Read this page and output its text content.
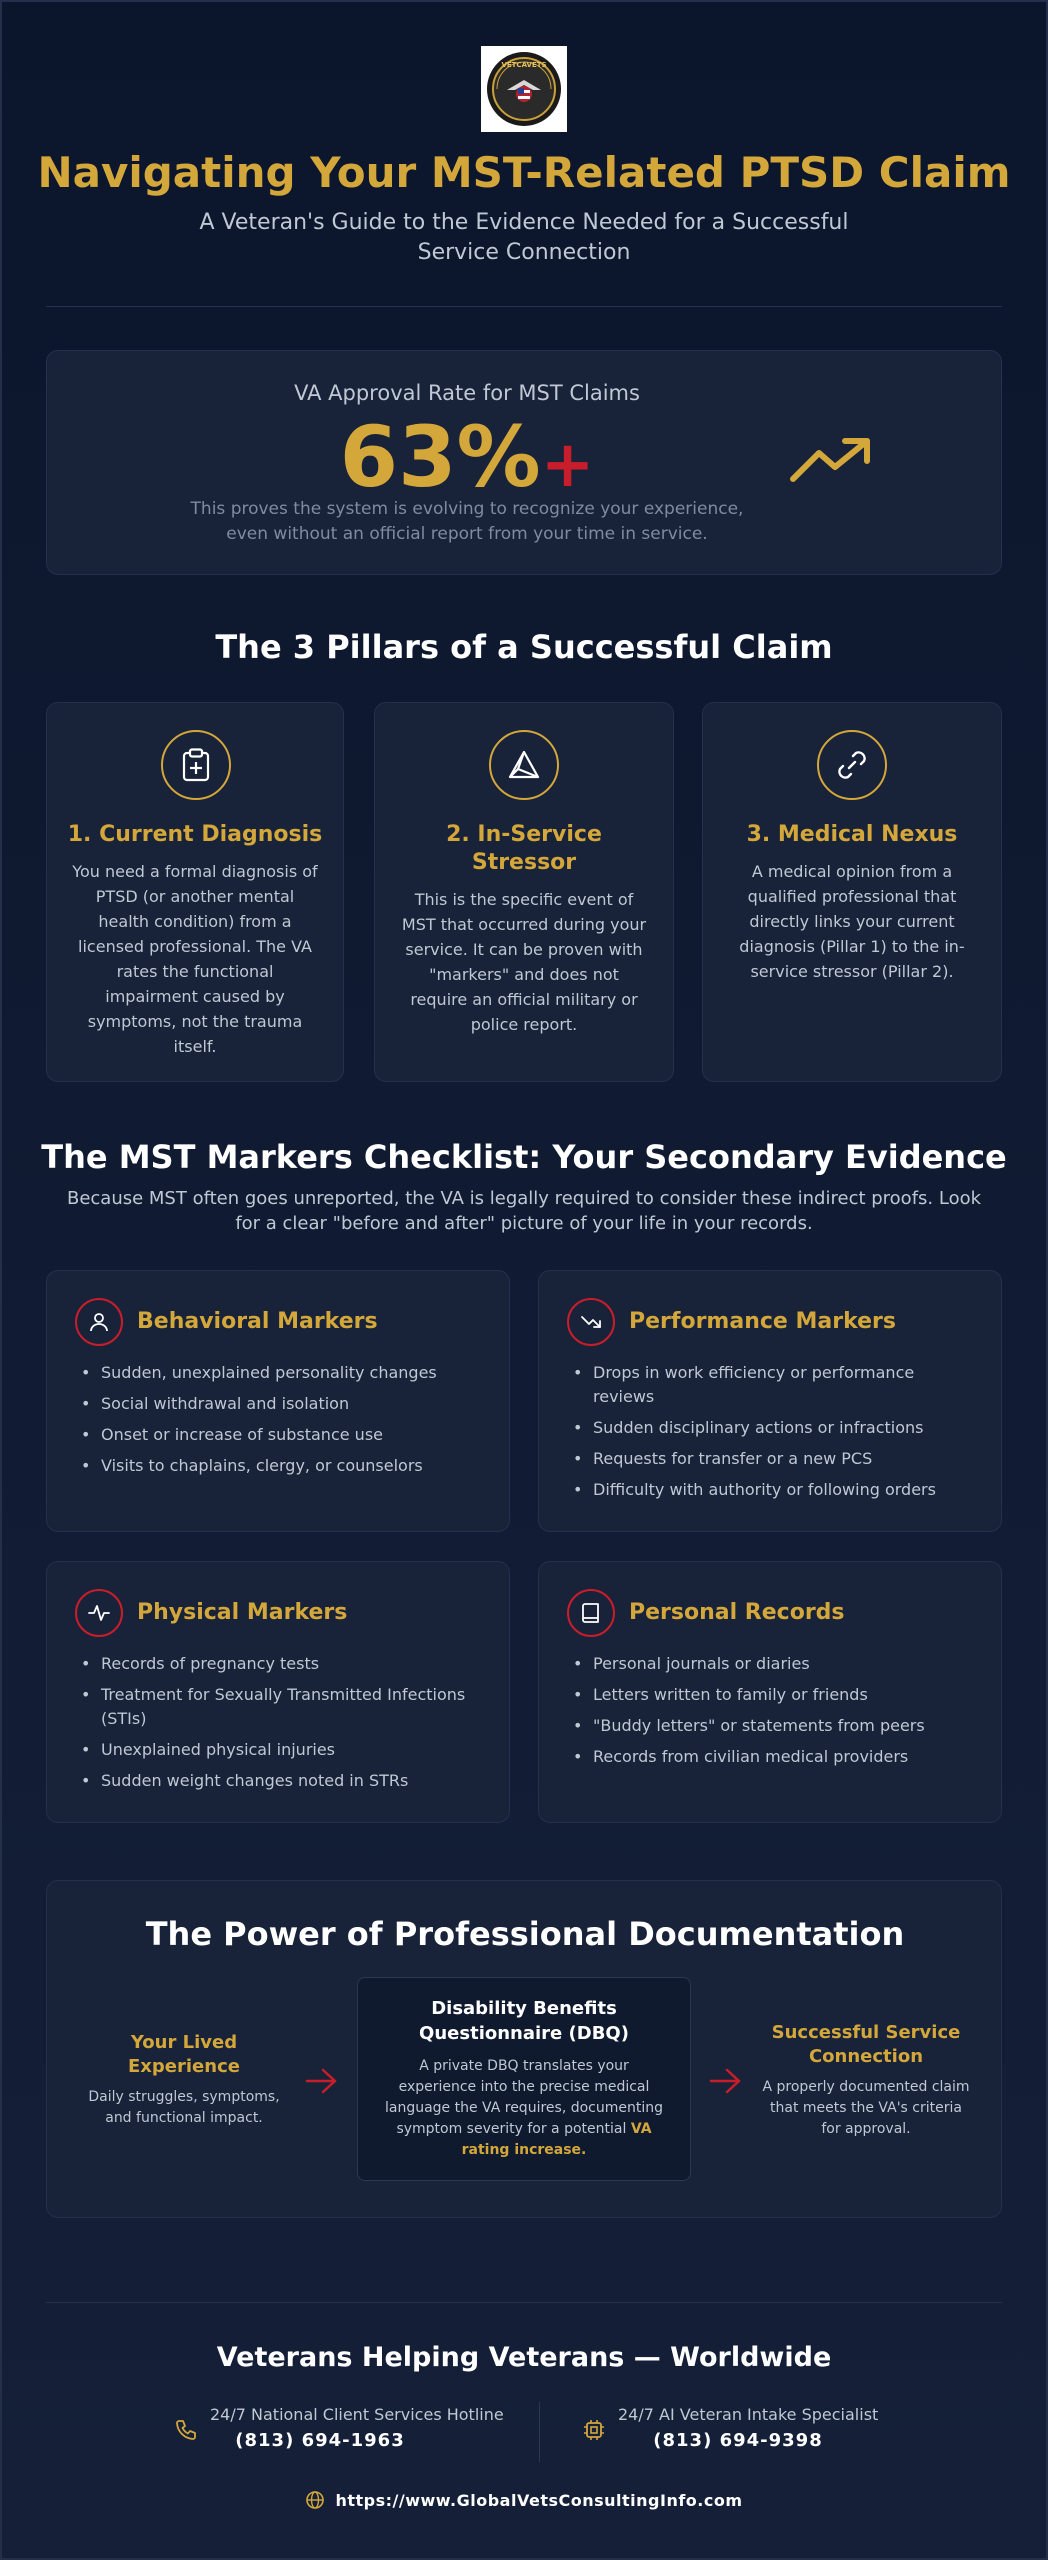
VETCAVETS
Navigating Your MST-Related PTSD Claim
A Veteran's Guide to the Evidence Needed for a Successful Service Connection
VA Approval Rate for MST Claims
63%+
This proves the system is evolving to recognize your experience, even without an official report from your time in service.
The 3 Pillars of a Successful Claim
1. Current Diagnosis

You need a formal diagnosis of PTSD (or another mental health condition) from a licensed professional. The VA rates the functional impairment caused by symptoms, not the trauma itself.

2. In-Service Stressor

This is the specific event of MST that occurred during your service. It can be proven with "markers" and does not require an official military or police report.

3. Medical Nexus

A medical opinion from a qualified professional that directly links your current diagnosis (Pillar 1) to the in-service stressor (Pillar 2).

The MST Markers Checklist: Your Secondary Evidence
Because MST often goes unreported, the VA is legally required to consider these indirect proofs. Look for a clear "before and after" picture of your life in your records.
Behavioral Markers
• Sudden, unexplained personality changes
• Social withdrawal and isolation
• Onset or increase of substance use
• Visits to chaplains, clergy, or counselors
Performance Markers
• Drops in work efficiency or performance reviews
• Sudden disciplinary actions or infractions
• Requests for transfer or a new PCS
• Difficulty with authority or following orders
Physical Markers
• Records of pregnancy tests
• Treatment for Sexually Transmitted Infections (STIs)
• Unexplained physical injuries
• Sudden weight changes noted in STRs
Personal Records
• Personal journals or diaries
• Letters written to family or friends
• "Buddy letters" or statements from peers
• Records from civilian medical providers
The Power of Professional Documentation
Your Lived Experience

Daily struggles, symptoms, and functional impact.

Disability Benefits Questionnaire (DBQ)

A private DBQ translates your experience into the precise medical language the VA requires, documenting symptom severity for a potential VA rating increase.

Successful Service Connection

A properly documented claim that meets the VA's criteria for approval.

Veterans Helping Veterans — Worldwide
24/7 National Client Services Hotline
(813) 694-1963
24/7 AI Veteran Intake Specialist
(813) 694-9398
https://www.GlobalVetsConsultingInfo.com
